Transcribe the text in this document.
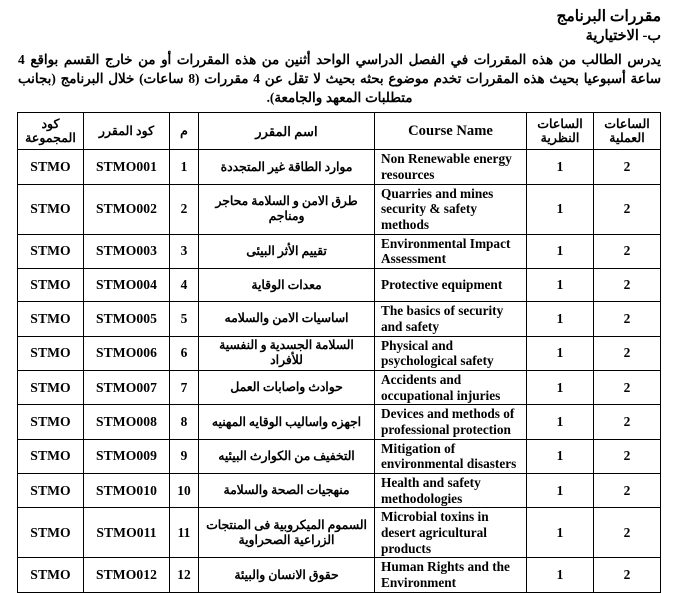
مقررات البرنامج
ب- الاختيارية

يدرس الطالب من هذه المقررات في الفصل الدراسي الواحد أثنين من هذه المقررات أو من خارج القسم بواقع 4 ساعة أسبوعيا بحيث هذه المقررات تخدم موضوع بحثه بحيث لا تقل عن 4 مقررات (8 ساعات) خلال البرنامج (بجانب متطلبات المعهد والجامعة).

الساعات العملية	الساعات النظرية	Course Name	اسم المقرر	م	كود المقرر	كود المجموعة
2	1	Non Renewable energy resources	موارد الطاقة غير المتجددة	1	STMO001	STMO
2	1	Quarries and mines security & safety methods	طرق الامن و السلامة محاجر ومناجم	2	STMO002	STMO
2	1	Environmental Impact Assessment	تقييم الأثر البيئى	3	STMO003	STMO
2	1	Protective equipment	معدات الوقاية	4	STMO004	STMO
2	1	The basics of security and safety	اساسيات الامن والسلامه	5	STMO005	STMO
2	1	Physical and psychological safety	السلامة الجسدية و النفسية للأفراد	6	STMO006	STMO
2	1	Accidents and occupational injuries	حوادث واصابات العمل	7	STMO007	STMO
2	1	Devices and methods of professional protection	اجهزه واساليب الوقايه المهنيه	8	STMO008	STMO
2	1	Mitigation of environmental disasters	التخفيف من الكوارث البيئيه	9	STMO009	STMO
2	1	Health and safety methodologies	منهجيات الصحة والسلامة	10	STMO010	STMO
2	1	Microbial toxins in desert agricultural products	السموم الميكروبية فى المنتجات الزراعية الصحراوية	11	STMO011	STMO
2	1	Human Rights and the Environment	حقوق الانسان والبيئة	12	STMO012	STMO
